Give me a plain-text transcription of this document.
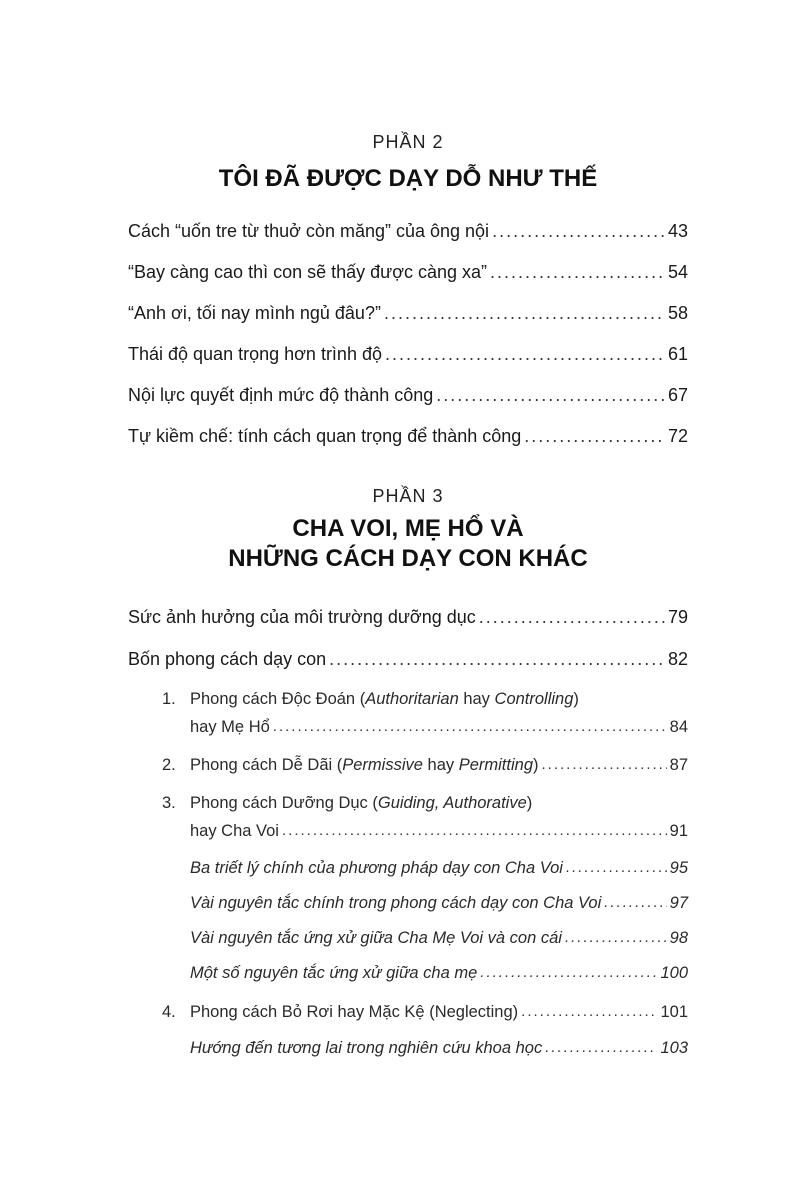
PHẦN 2

TÔI ĐÃ ĐƯỢC DẠY DỖ NHƯ THẾ

Cách “uốn tre từ thuở còn măng” của ông nội .....	43
“Bay càng cao thì con sẽ thấy được càng xa” .....	54
“Anh ơi, tối nay mình ngủ đâu?” .....	58
Thái độ quan trọng hơn trình độ .....	61
Nội lực quyết định mức độ thành công .....	67
Tự kiềm chế: tính cách quan trọng để thành công .....	72

PHẦN 3

CHA VOI, MẸ HỔ VÀ

NHỮNG CÁCH DẠY CON KHÁC

Sức ảnh hưởng của môi trường dưỡng dục .....	79
Bốn phong cách dạy con .....	82
1. Phong cách Độc Đoán (Authoritarian hay Controlling)
hay Mẹ Hổ .....	84
2. Phong cách Dễ Dãi (Permissive hay Permitting) .....	87
3. Phong cách Dưỡng Dục (Guiding, Authorative)
hay Cha Voi .....	91
Ba triết lý chính của phương pháp dạy con Cha Voi .....	95
Vài nguyên tắc chính trong phong cách dạy con Cha Voi .....	97
Vài nguyên tắc ứng xử giữa Cha Mẹ Voi và con cái .....	98
Một số nguyên tắc ứng xử giữa cha mẹ .....	100
4. Phong cách Bỏ Rơi hay Mặc Kệ (Neglecting) .....	101
Hướng đến tương lai trong nghiên cứu khoa học .....	103
